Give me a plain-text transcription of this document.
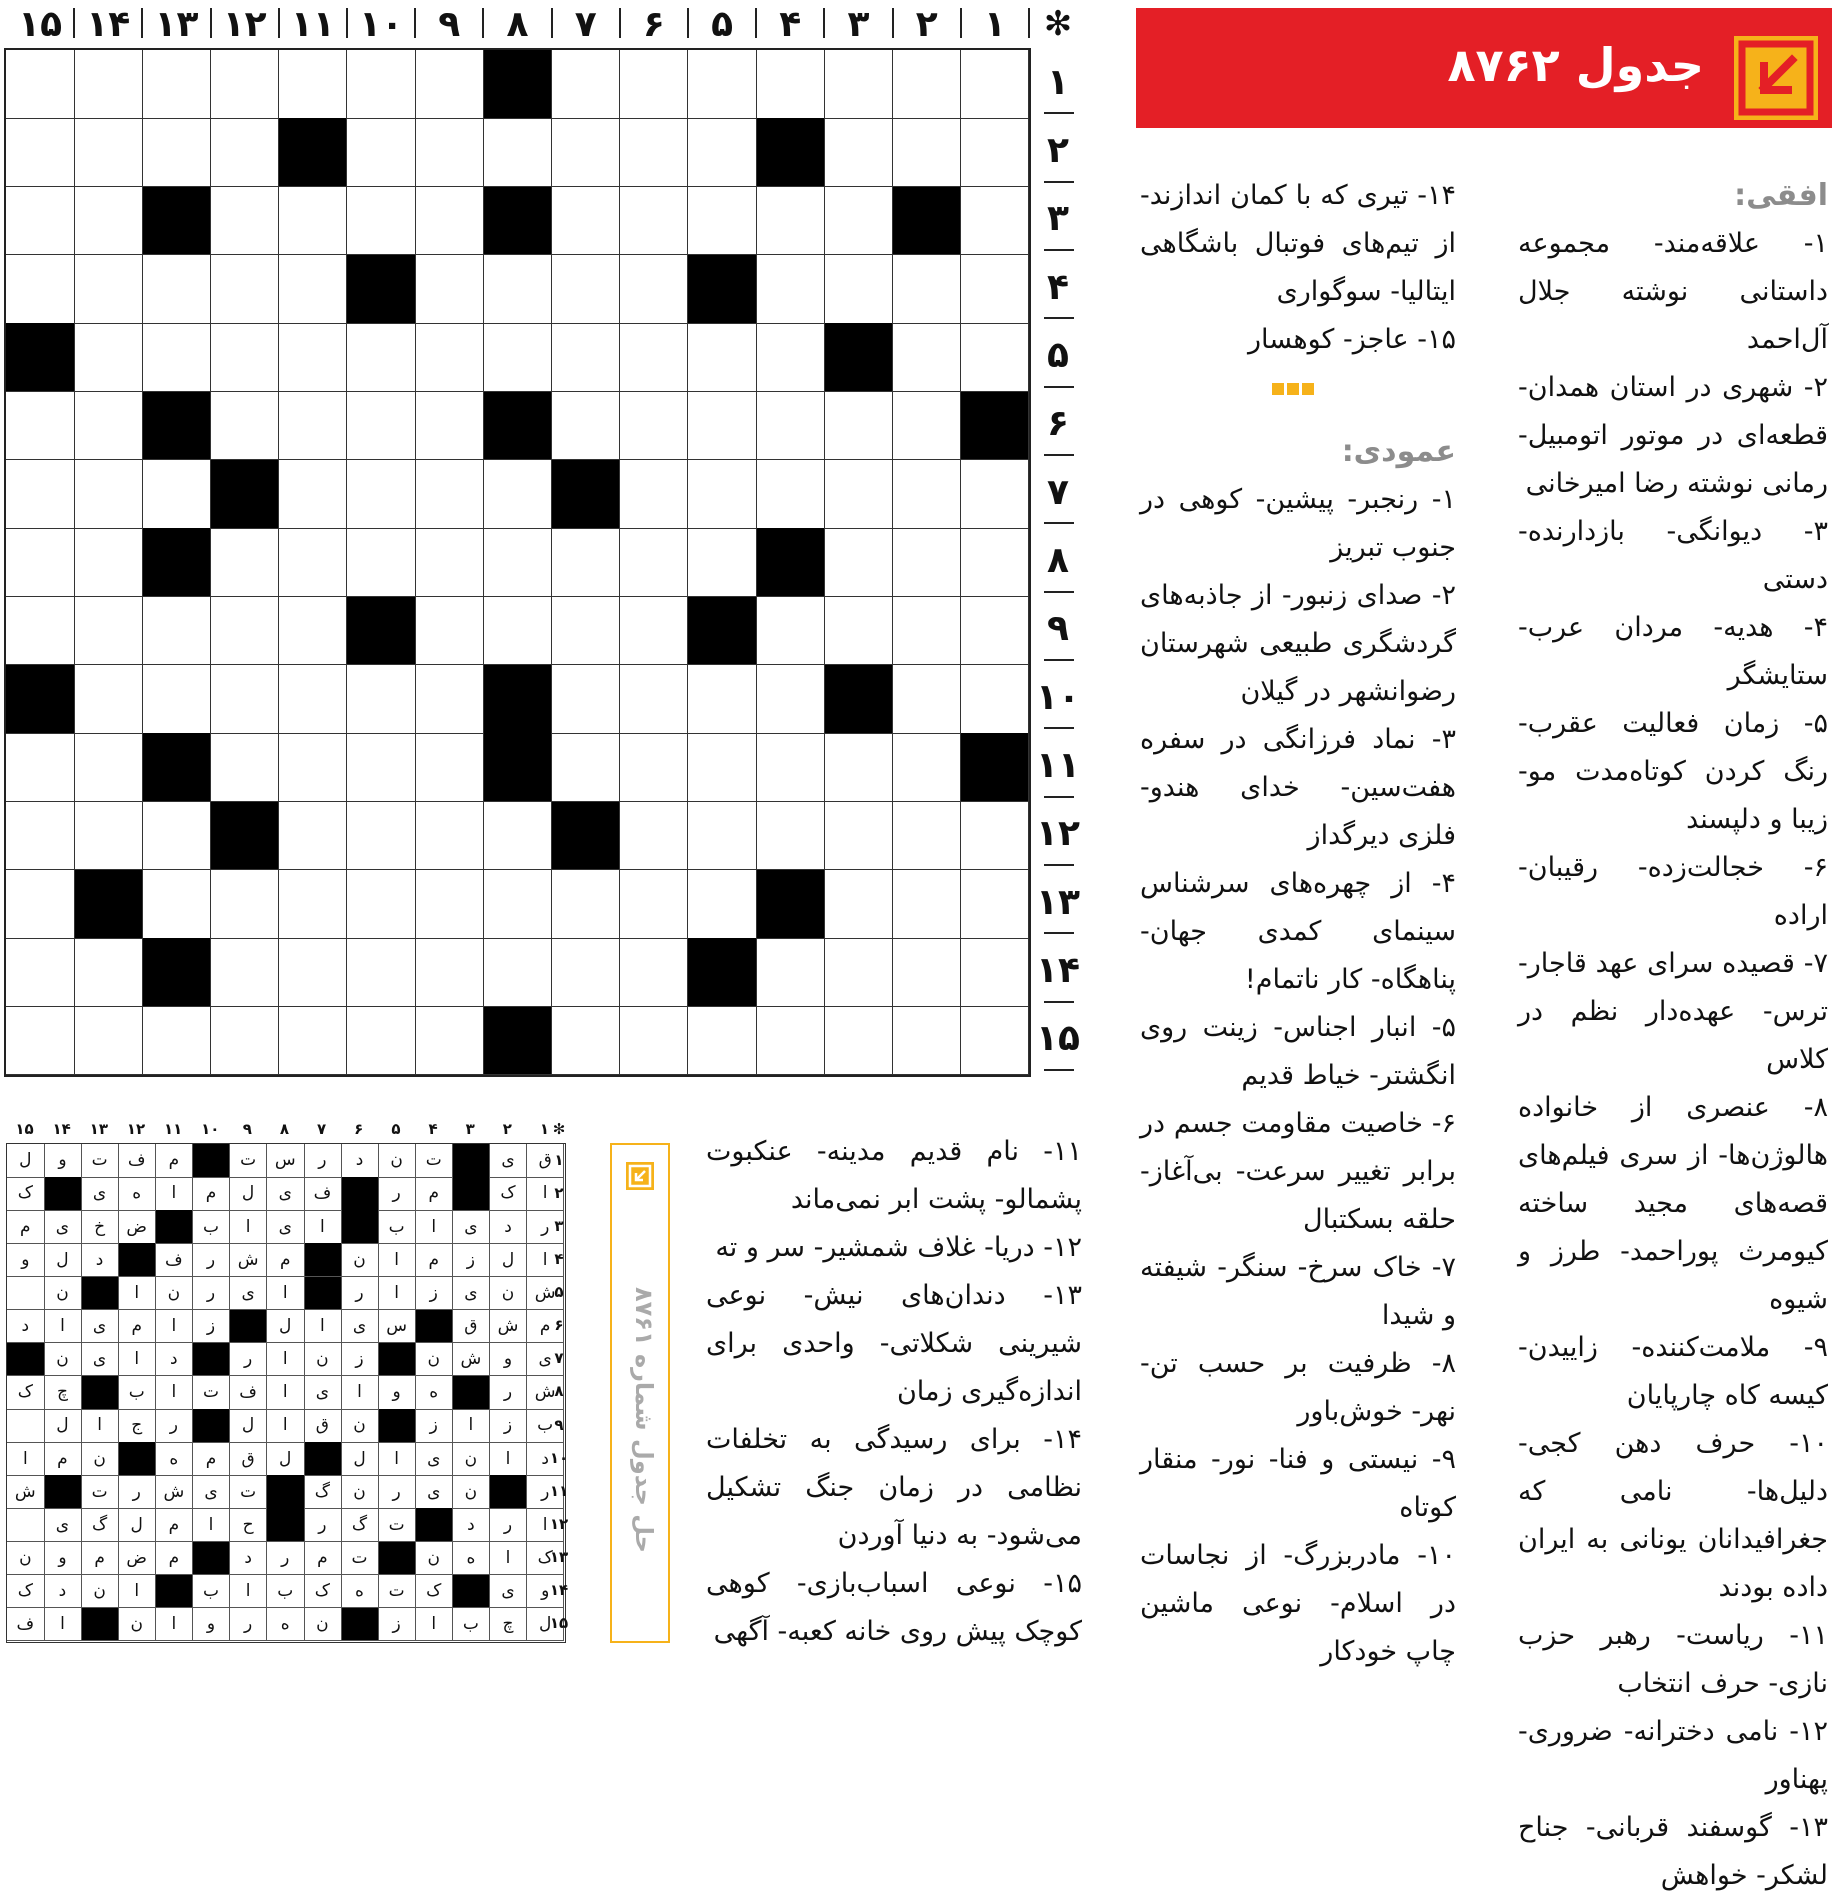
۱
۲
۳
۴
۵
۶
۷
۸
۹
۱۰
۱۱
۱۲
۱۳
۱۴
۱۵
۱
۲
۳
۴
۵
۶
۷
۸
۹
۱۰
۱۱
۱۲
۱۳
۱۴
۱۵
✻
جدول ۸۷۶۲
افقی:

۱- علاقه‌مند- مجموعه داستانی نوشته جلال آل‌احمد

۲- شهری در استان همدان- قطعه‌ای در موتور اتومبیل- رمانی نوشته رضا امیرخانی

۳- دیوانگی- بازدارنده- دستی

۴- هدیه- مردان عرب- ستایشگر

۵- زمان فعالیت عقرب- رنگ کردن کوتاه‌مدت مو- زیبا و دلپسند

۶- خجالت‌زده- رقیبان- اراده

۷- قصیده سرای عهد قاجار- ترس- عهده‌دار نظم در کلاس

۸- عنصری از خانواده هالوژن‌ها- از سری فیلم‌های قصه‌های مجید ساخته کیومرث پوراحمد- طرز و شیوه

۹- ملامت‌کننده- زاییدن- کیسه کاه چارپایان

۱۰- حرف دهن کجی- دلیل‌ها- نامی که جغرافیدانان یونانی به ایران داده بودند

۱۱- ریاست- رهبر حزب نازی- حرف انتخاب

۱۲- نامی دخترانه- ضروری- پهناور

۱۳- گوسفند قربانی- جناح لشکر- خواهش

۱۴- تیری که با کمان اندازند- از تیم‌های فوتبال باشگاهی ایتالیا- سوگواری

۱۵- عاجز- کوهسار

عمودی:

۱- رنجبر- پیشین- کوهی در جنوب تبریز

۲- صدای زنبور- از جاذبه‌های گردشگری طبیعی شهرستان رضوانشهر در گیلان

۳- نماد فرزانگی در سفره هفت‌سین- خدای هندو- فلزی دیرگداز

۴- از چهره‌های سرشناس سینمای کمدی جهان- پناهگاه- کار ناتمام!

۵- انبار اجناس- زینت روی انگشتر- خیاط قدیم

۶- خاصیت مقاومت جسم در برابر تغییر سرعت- بی‌آغاز- حلقه بسکتبال

۷- خاک سرخ- سنگر- شیفته و شیدا

۸- ظرفیت بر حسب تن- نهر- خوش‌باور

۹- نیستی و فنا- نور- منقار کوتاه

۱۰- مادربزرگ- از نجاسات در اسلام- نوعی ماشین چاپ خودکار

۱۱- نام قدیم مدینه- عنکبوت پشمالو- پشت ابر نمی‌ماند

۱۲- دریا- غلاف شمشیر- سر و ته

۱۳- دندان‌های نیش- نوعی شیرینی شکلاتی- واحدی برای اندازه‌گیری زمان

۱۴- برای رسیدگی به تخلفات نظامی در زمان جنگ تشکیل می‌شود- به دنیا آوردن

۱۵- نوعی اسباب‌بازی- کوهی کوچک پیش روی خانه کعبه- آگهی

حل جدول شماره ۸۷۶۱
ق
ی
ت
ن
د
ر
س
ت
م
ف
ت
و
ل
ا
ک
م
ر
ف
ی
ل
م
ا
ه
ی
ک
ر
د
ی
ا
ب
ا
ی
ا
ب
ض
خ
ی
م
ا
ل
ز
م
ا
ن
م
ش
ر
ف
د
ل
و
ش
ن
ی
ز
ا
ر
ا
ی
ر
ن
ا
ن
م
ش
ق
س
ی
ا
ل
ز
ا
م
ی
ا
د
ی
و
ش
ن
ز
ن
ا
ر
د
ا
ی
ن
ش
ر
ه
و
ا
ی
ا
ف
ت
ا
ب
چ
ک
ب
ز
ا
ز
ن
ق
ا
ل
ر
ج
ا
ل
د
ا
ن
ی
ا
ل
ل
ق
م
ه
ن
م
ا
ر
ن
ی
ر
ن
گ
ت
ی
ش
ر
ت
ش
ا
ر
د
ت
گ
ر
ح
ا
م
ل
گ
ی
ک
ا
ه
ن
ت
م
ر
د
م
ض
م
و
ن
و
ی
ک
ت
ه
ک
ب
ا
ب
ا
ن
د
ک
ل
چ
ب
ا
ز
ن
ه
ر
و
ا
ن
ا
ف
۱
۲
۳
۴
۵
۶
۷
۸
۹
۱۰
۱۱
۱۲
۱۳
۱۴
۱۵
۱
۲
۳
۴
۵
۶
۷
۸
۹
۱۰
۱۱
۱۲
۱۳
۱۴
۱۵
✻
